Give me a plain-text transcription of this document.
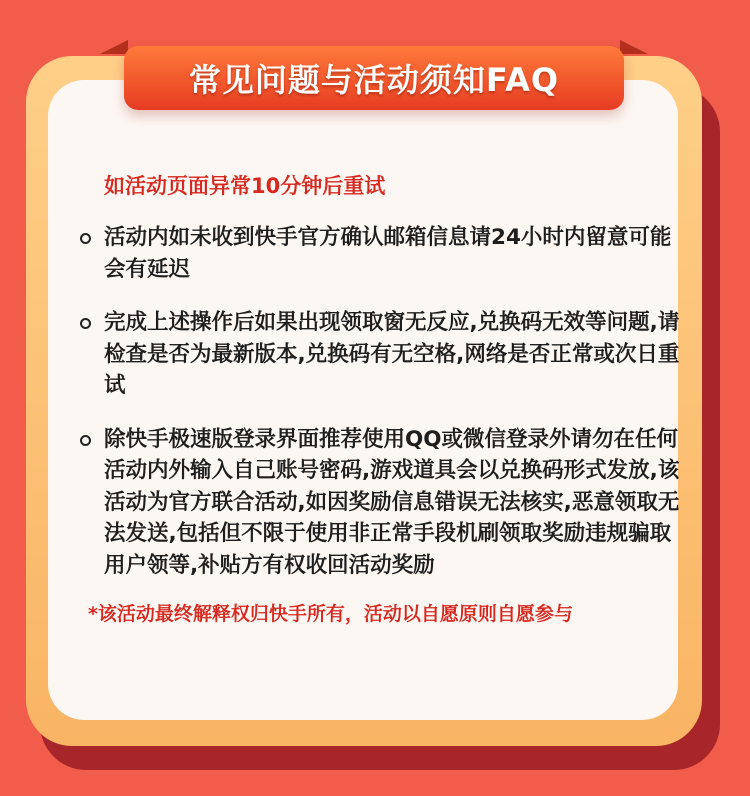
常见问题与活动须知FAQ
如活动页面异常10分钟后重试
活动内如未收到快手官方确认邮箱信息请24小时内留意可能会有延迟
完成上述操作后如果出现领取窗无反应,兑换码无效等问题,请检查是否为最新版本,兑换码有无空格,网络是否正常或次日重试
除快手极速版登录界面推荐使用QQ或微信登录外请勿在任何活动内外输入自己账号密码,游戏道具会以兑换码形式发放,该活动为官方联合活动,如因奖励信息错误无法核实,恶意领取无法发送,包括但不限于使用非正常手段机刷领取奖励违规骗取用户领等,补贴方有权收回活动奖励
*该活动最终解释权归快手所有，活动以自愿原则自愿参与
